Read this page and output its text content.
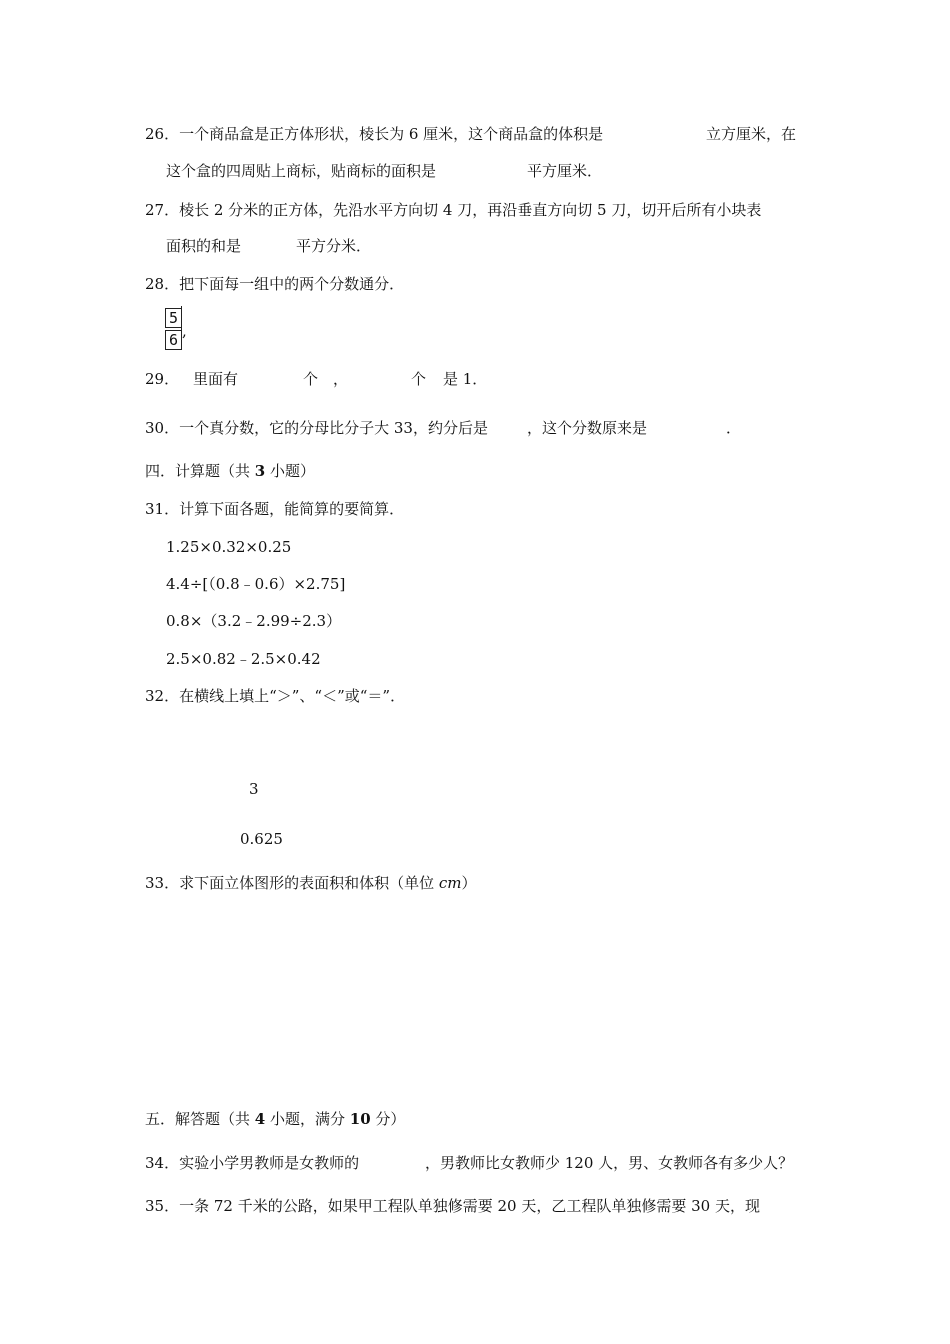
26．一个商品盒是正方体形状，棱长为 6 厘米，这个商品盒的体积是	立方厘米，在
这个盒的四周贴上商标，贴商标的面积是	平方厘米．
27．棱长 2 分米的正方体，先沿水平方向切 4 刀，再沿垂直方向切 5 刀，切开后所有小块表
面积的和是	平方分米．
28．把下面每一组中的两个分数通分．
$\frac{5}{6}$ ,
29． 里面有	个 ，	个 是 1．
30．一个真分数，它的分母比分子大 33，约分后是	，这个分数原来是	．
四．计算题（共 3 小题）
31．计算下面各题，能简算的要简算．
1.25×0.32×0.25
4.4÷[（0.8﹣0.6）×2.75]
0.8×（3.2﹣2.99÷2.3）
2.5×0.82﹣2.5×0.42
32．在横线上填上“＞”、“＜”或“＝”．
3
0.625
33．求下面立体图形的表面积和体积（单位 cm）
五．解答题（共 4 小题，满分 10 分）
34．实验小学男教师是女教师的	，男教师比女教师少 120 人，男、女教师各有多少人？
35．一条 72 千米的公路，如果甲工程队单独修需要 20 天，乙工程队单独修需要 30 天，现
